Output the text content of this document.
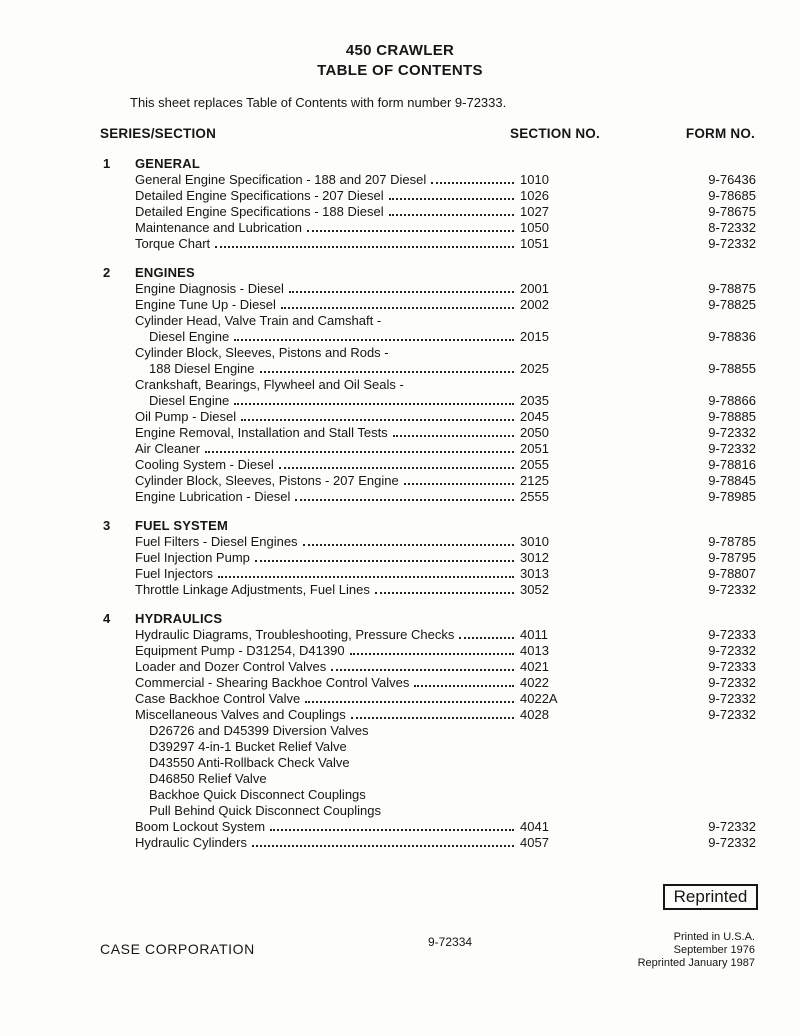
450 CRAWLER
TABLE OF CONTENTS
This sheet replaces Table of Contents with form number 9-72333.
SERIES/SECTION	SECTION NO.	FORM NO.
1 GENERAL
General Engine Specification - 188 and 207 Diesel	1010	9-76436
Detailed Engine Specifications - 207 Diesel	1026	9-78685
Detailed Engine Specifications - 188 Diesel	1027	9-78675
Maintenance and Lubrication	1050	8-72332
Torque Chart	1051	9-72332
2 ENGINES
Engine Diagnosis - Diesel	2001	9-78875
Engine Tune Up - Diesel	2002	9-78825
Cylinder Head, Valve Train and Camshaft -
Diesel Engine	2015	9-78836
Cylinder Block, Sleeves, Pistons and Rods -
188 Diesel Engine	2025	9-78855
Crankshaft, Bearings, Flywheel and Oil Seals -
Diesel Engine	2035	9-78866
Oil Pump - Diesel	2045	9-78885
Engine Removal, Installation and Stall Tests	2050	9-72332
Air Cleaner	2051	9-72332
Cooling System - Diesel	2055	9-78816
Cylinder Block, Sleeves, Pistons - 207 Engine	2125	9-78845
Engine Lubrication - Diesel	2555	9-78985
3 FUEL SYSTEM
Fuel Filters - Diesel Engines	3010	9-78785
Fuel Injection Pump	3012	9-78795
Fuel Injectors	3013	9-78807
Throttle Linkage Adjustments, Fuel Lines	3052	9-72332
4 HYDRAULICS
Hydraulic Diagrams, Troubleshooting, Pressure Checks	4011	9-72333
Equipment Pump - D31254, D41390	4013	9-72332
Loader and Dozer Control Valves	4021	9-72333
Commercial - Shearing Backhoe Control Valves	4022	9-72332
Case Backhoe Control Valve	4022A	9-72332
Miscellaneous Valves and Couplings	4028	9-72332
D26726 and D45399 Diversion Valves
D39297 4-in-1 Bucket Relief Valve
D43550 Anti-Rollback Check Valve
D46850 Relief Valve
Backhoe Quick Disconnect Couplings
Pull Behind Quick Disconnect Couplings
Boom Lockout System	4041	9-72332
Hydraulic Cylinders	4057	9-72332
Reprinted
CASE CORPORATION	9-72334	Printed in U.S.A.
September 1976
Reprinted January 1987
